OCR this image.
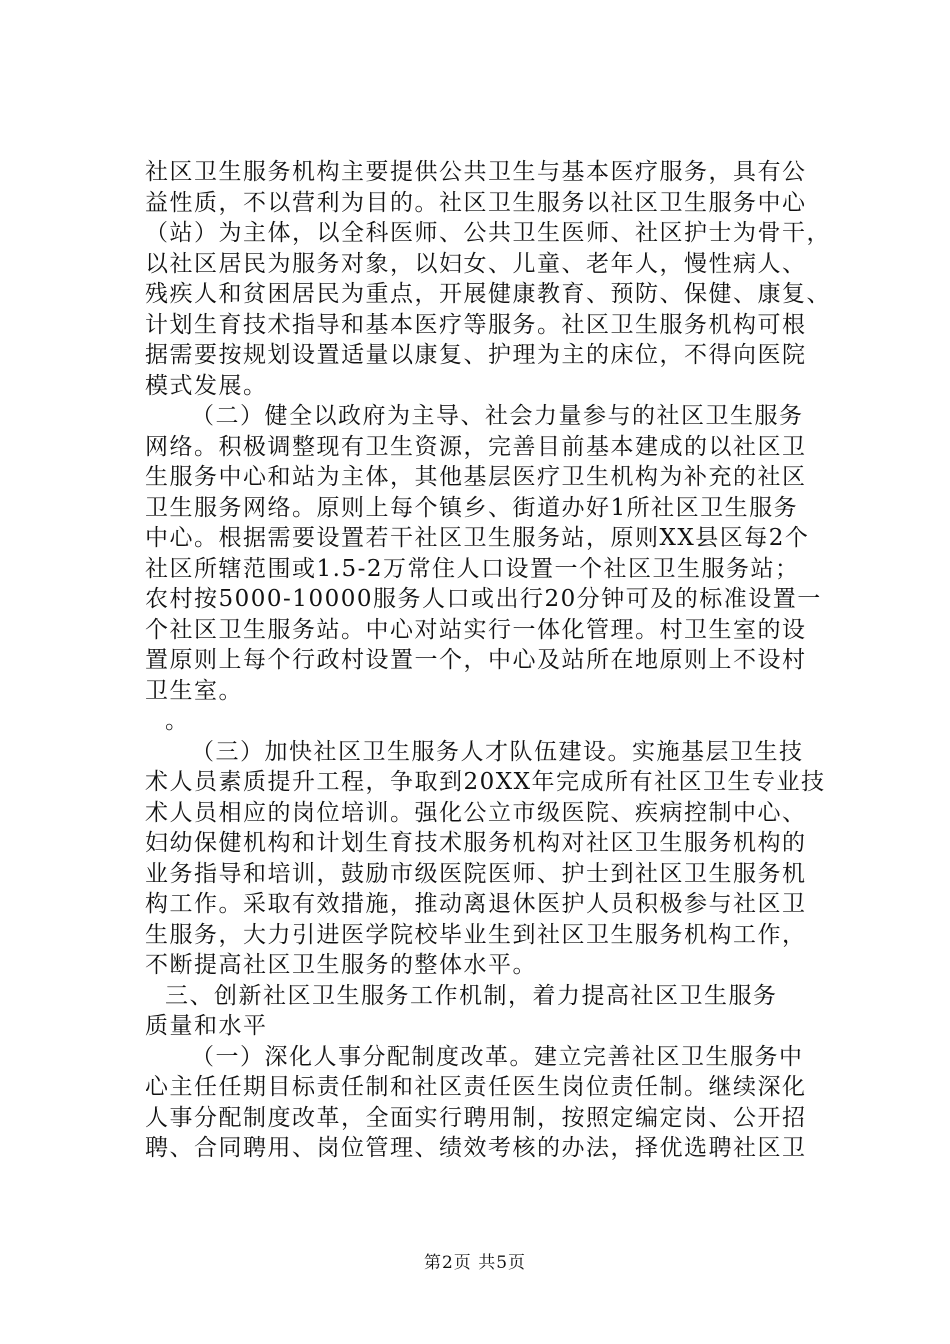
社区卫生服务机构主要提供公共卫生与基本医疗服务，具有公
益性质，不以营利为目的。社区卫生服务以社区卫生服务中心
（站）为主体，以全科医师、公共卫生医师、社区护士为骨干，
以社区居民为服务对象，以妇女、儿童、老年人，慢性病人、
残疾人和贫困居民为重点，开展健康教育、预防、保健、康复、
计划生育技术指导和基本医疗等服务。社区卫生服务机构可根
据需要按规划设置适量以康复、护理为主的床位，不得向医院
模式发展。
（二）健全以政府为主导、社会力量参与的社区卫生服务
网络。积极调整现有卫生资源，完善目前基本建成的以社区卫
生服务中心和站为主体，其他基层医疗卫生机构为补充的社区
卫生服务网络。原则上每个镇乡、街道办好1所社区卫生服务
中心。根据需要设置若干社区卫生服务站，原则XX县区每2个
社区所辖范围或1.5-2万常住人口设置一个社区卫生服务站；
农村按5000-10000服务人口或出行20分钟可及的标准设置一
个社区卫生服务站。中心对站实行一体化管理。村卫生室的设
置原则上每个行政村设置一个，中心及站所在地原则上不设村
卫生室。
。
（三）加快社区卫生服务人才队伍建设。实施基层卫生技
术人员素质提升工程，争取到20XX年完成所有社区卫生专业技
术人员相应的岗位培训。强化公立市级医院、疾病控制中心、
妇幼保健机构和计划生育技术服务机构对社区卫生服务机构的
业务指导和培训，鼓励市级医院医师、护士到社区卫生服务机
构工作。采取有效措施，推动离退休医护人员积极参与社区卫
生服务，大力引进医学院校毕业生到社区卫生服务机构工作，
不断提高社区卫生服务的整体水平。
三、创新社区卫生服务工作机制，着力提高社区卫生服务
质量和水平
（一）深化人事分配制度改革。建立完善社区卫生服务中
心主任任期目标责任制和社区责任医生岗位责任制。继续深化
人事分配制度改革，全面实行聘用制，按照定编定岗、公开招
聘、合同聘用、岗位管理、绩效考核的办法，择优选聘社区卫
第2页 共5页
